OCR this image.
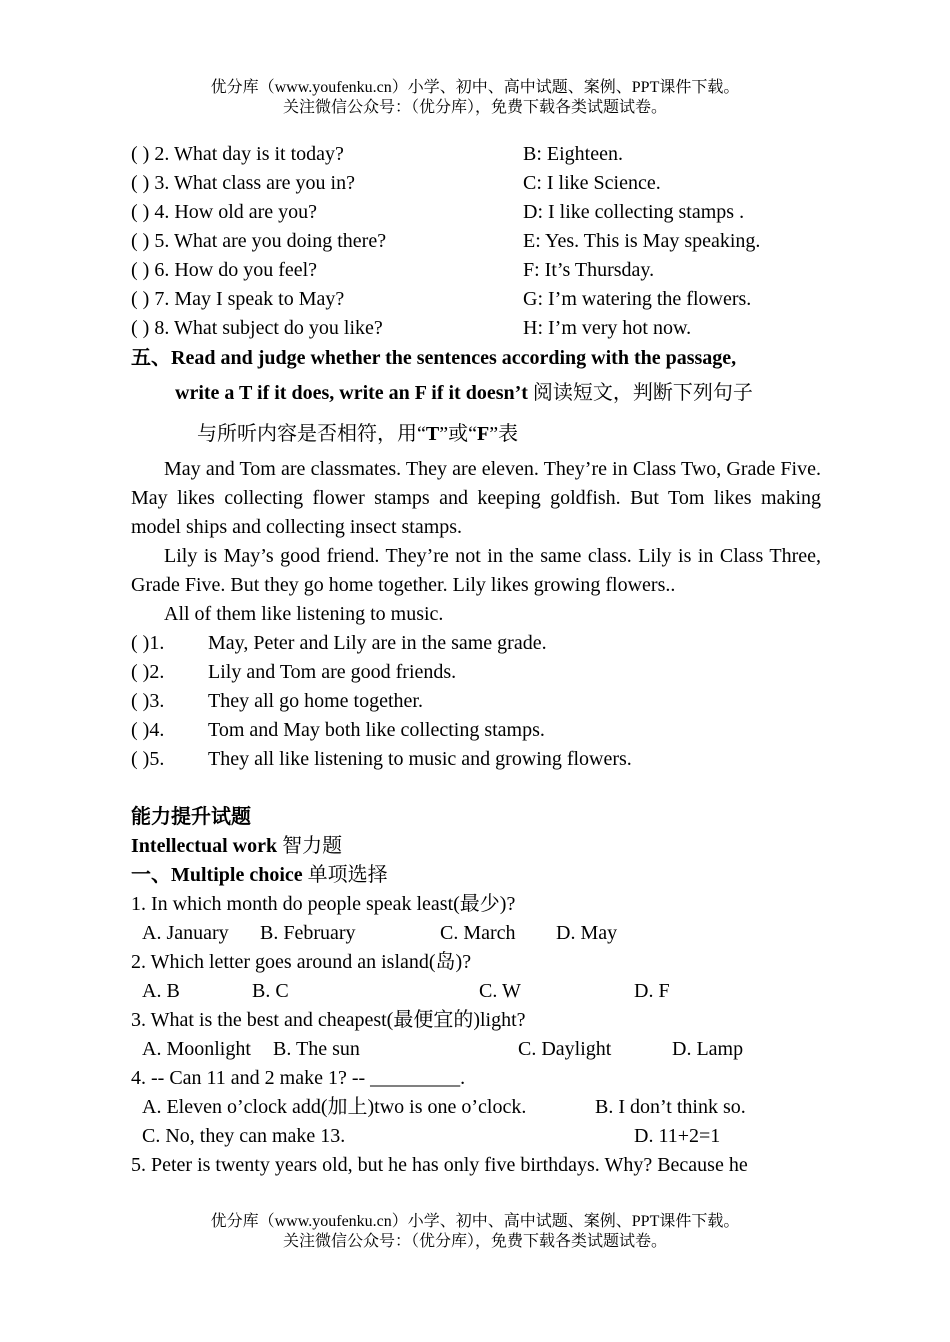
优分库（www.youfenku.cn）小学、初中、高中试题、案例、PPT课件下载。
关注微信公众号：（优分库），免费下载各类试题试卷。
( ) 2. What day is it today?	B: Eighteen.
( ) 3. What class are you in?	C: I like Science.
( ) 4. How old are you?	D: I like collecting stamps .
( ) 5. What are you doing there?	E: Yes. This is May speaking.
( ) 6. How do you feel?	F: It’s Thursday.
( ) 7. May I speak to May?	G: I’m watering the flowers.
( ) 8. What subject do you like?	H: I’m very hot now.
五、Read and judge whether the sentences according with the passage,
write a T if it does, write an F if it doesn’t 阅读短文，判断下列句子
与所听内容是否相符，用“T”或“F”表

May and Tom are classmates. They are eleven. They’re in Class Two, Grade Five. May likes collecting flower stamps and keeping goldfish. But Tom likes making model ships and collecting insect stamps.

Lily is May’s good friend. They’re not in the same class. Lily is in Class Three, Grade Five. But they go home together. Lily likes growing flowers..

All of them like listening to music.

( )1. May, Peter and Lily are in the same grade.
( )2. Lily and Tom are good friends.
( )3. They all go home together.
( )4. Tom and May both like collecting stamps.
( )5. They all like listening to music and growing flowers.
能力提升试题
Intellectual work 智力题
一、Multiple choice 单项选择
1. In which month do people speak least(最少)?
A. January B. February	C. March D. May
2. Which letter goes around an island(岛)?
A. B	B. C	C. W	D. F
3. What is the best and cheapest(最便宜的)light?
A. Moonlight B. The sun	C. Daylight	D. Lamp
4. -- Can 11 and 2 make 1? -- _________.
A. Eleven o’clock add(加上)two is one o’clock.	B. I don’t think so.
C. No, they can make 13.	D. 11+2=1
5. Peter is twenty years old, but he has only five birthdays. Why? Because he
优分库（www.youfenku.cn）小学、初中、高中试题、案例、PPT课件下载。
关注微信公众号：（优分库），免费下载各类试题试卷。
